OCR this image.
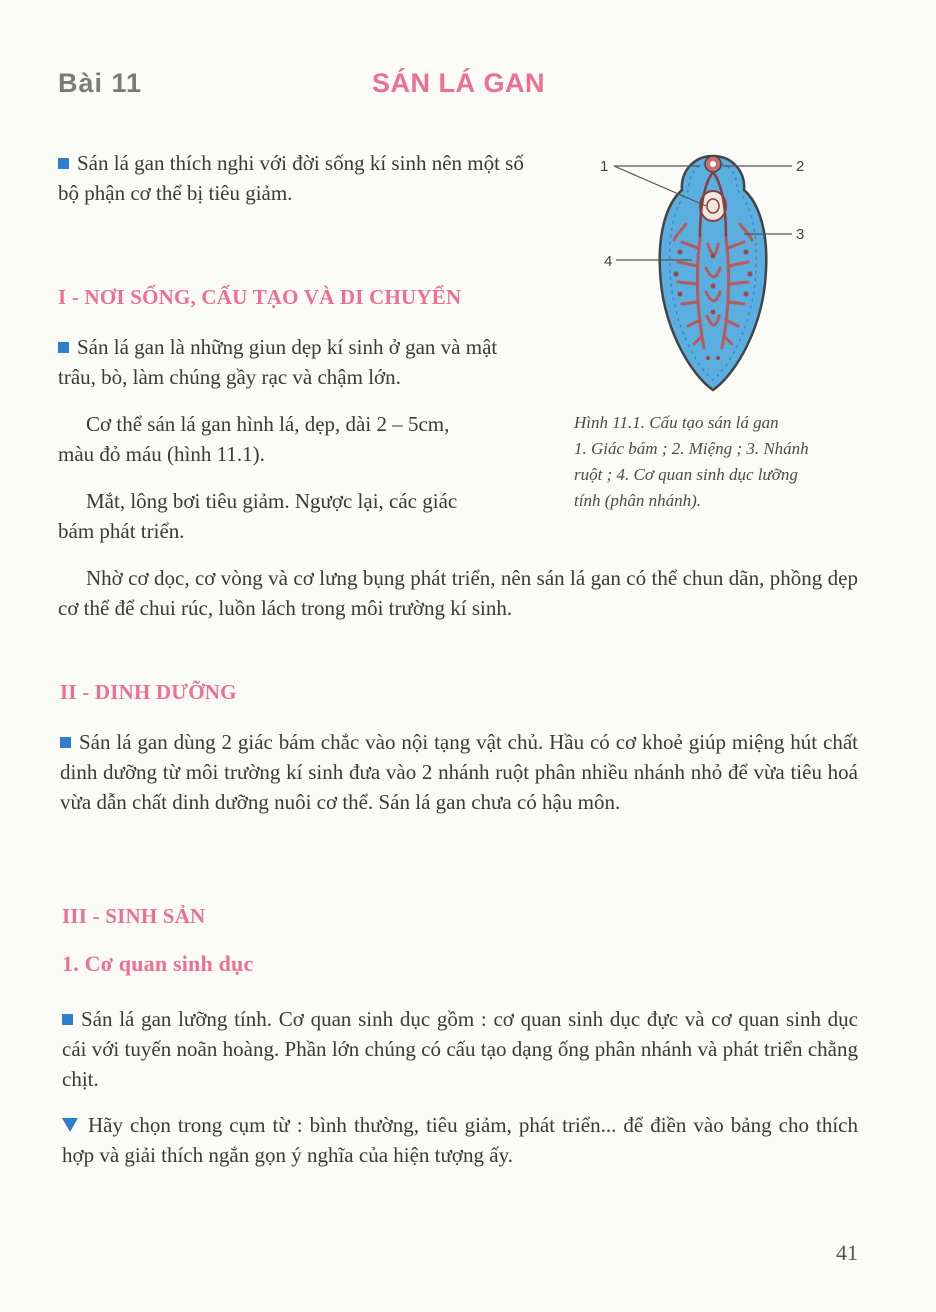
Bài 11	SÁN LÁ GAN
Sán lá gan thích nghi với đời sống kí sinh nên một số bộ phận cơ thể bị tiêu giảm.
I - NƠI SỐNG, CẤU TẠO VÀ DI CHUYỂN
Sán lá gan là những giun dẹp kí sinh ở gan và mật trâu, bò, làm chúng gầy rạc và chậm lớn.
Cơ thể sán lá gan hình lá, dẹp, dài 2 – 5cm,
màu đỏ máu (hình 11.1).
Mắt, lông bơi tiêu giảm. Ngược lại, các giác
bám phát triển.
Nhờ cơ dọc, cơ vòng và cơ lưng bụng phát triển, nên sán lá gan có thể chun dãn, phồng dẹp cơ thể để chui rúc, luồn lách trong môi trường kí sinh.
1	2
3
4
Hình 11.1. Cấu tạo sán lá gan
1. Giác bám ; 2. Miệng ; 3. Nhánh
ruột ; 4. Cơ quan sinh dục lưỡng
tính (phân nhánh).
II - DINH DƯỠNG
Sán lá gan dùng 2 giác bám chắc vào nội tạng vật chủ. Hầu có cơ khoẻ giúp miệng hút chất dinh dưỡng từ môi trường kí sinh đưa vào 2 nhánh ruột phân nhiều nhánh nhỏ để vừa tiêu hoá vừa dẫn chất dinh dưỡng nuôi cơ thể. Sán lá gan chưa có hậu môn.
III - SINH SẢN
1. Cơ quan sinh dục
Sán lá gan lưỡng tính. Cơ quan sinh dục gồm : cơ quan sinh dục đực và cơ quan sinh dục cái với tuyến noãn hoàng. Phần lớn chúng có cấu tạo dạng ống phân nhánh và phát triển chằng chịt.
Hãy chọn trong cụm từ : bình thường, tiêu giảm, phát triển... để điền vào bảng cho thích hợp và giải thích ngắn gọn ý nghĩa của hiện tượng ấy.
41
